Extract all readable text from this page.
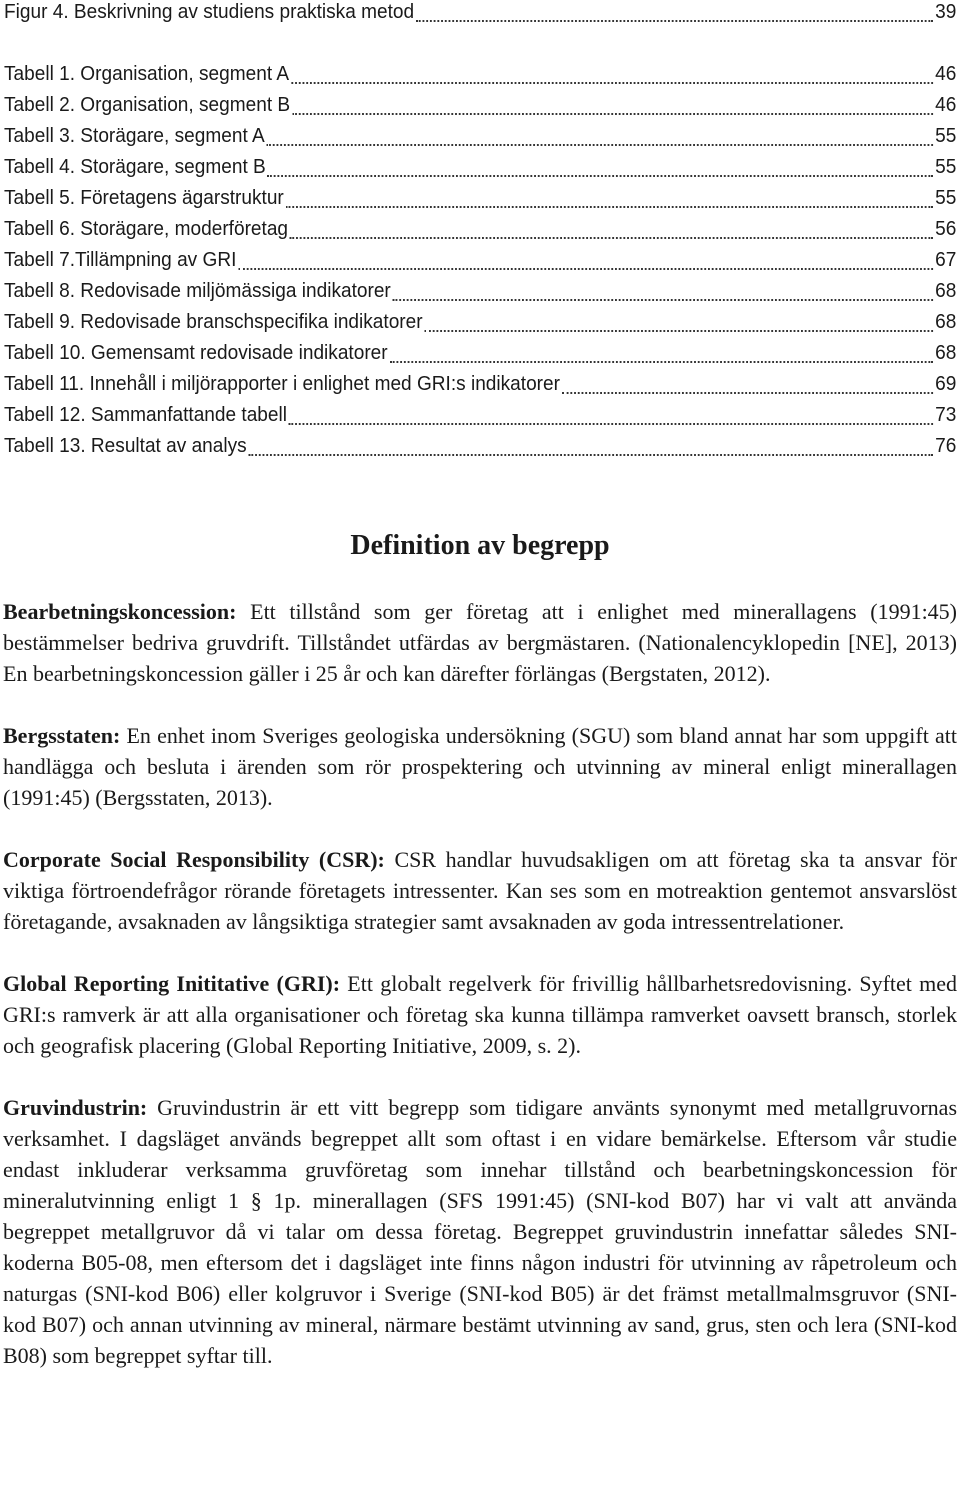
Figur 4. Beskrivning av studiens praktiska metod	39
Tabell 1. Organisation, segment A	46
Tabell 2. Organisation, segment B	46
Tabell 3. Storägare, segment A	55
Tabell 4. Storägare, segment B	55
Tabell 5. Företagens ägarstruktur	55
Tabell 6. Storägare, moderföretag	56
Tabell 7.Tillämpning av GRI	67
Tabell 8. Redovisade miljömässiga indikatorer	68
Tabell 9. Redovisade branschspecifika indikatorer	68
Tabell 10. Gemensamt redovisade indikatorer	68
Tabell 11. Innehåll i miljörapporter i enlighet med GRI:s indikatorer	69
Tabell 12. Sammanfattande tabell	73
Tabell 13. Resultat av analys	76
Definition av begrepp

Bearbetningskoncession: Ett tillstånd som ger företag att i enlighet med minerallagens (1991:45) bestämmelser bedriva gruvdrift. Tillståndet utfärdas av bergmästaren. (Nationalencyklopedin [NE], 2013) En bearbetningskoncession gäller i 25 år och kan därefter förlängas (Bergstaten, 2012).

Bergsstaten: En enhet inom Sveriges geologiska undersökning (SGU) som bland annat har som uppgift att handlägga och besluta i ärenden som rör prospektering och utvinning av mineral enligt minerallagen (1991:45) (Bergsstaten, 2013).

Corporate Social Responsibility (CSR): CSR handlar huvudsakligen om att företag ska ta ansvar för viktiga förtroendefrågor rörande företagets intressenter. Kan ses som en motreaktion gentemot ansvarslöst företagande, avsaknaden av långsiktiga strategier samt avsaknaden av goda intressentrelationer.

Global Reporting Inititative (GRI): Ett globalt regelverk för frivillig hållbarhetsredovisning. Syftet med GRI:s ramverk är att alla organisationer och företag ska kunna tillämpa ramverket oavsett bransch, storlek och geografisk placering (Global Reporting Initiative, 2009, s. 2).

Gruvindustrin: Gruvindustrin är ett vitt begrepp som tidigare använts synonymt med metallgruvornas verksamhet. I dagsläget används begreppet allt som oftast i en vidare bemärkelse. Eftersom vår studie endast inkluderar verksamma gruvföretag som innehar tillstånd och bearbetningskoncession för mineralutvinning enligt 1 § 1p. minerallagen (SFS 1991:45) (SNI-kod B07) har vi valt att använda begreppet metallgruvor då vi talar om dessa företag. Begreppet gruvindustrin innefattar således SNI-koderna B05-08, men eftersom det i dagsläget inte finns någon industri för utvinning av råpetroleum och naturgas (SNI-kod B06) eller kolgruvor i Sverige (SNI-kod B05) är det främst metallmalmsgruvor (SNI-kod B07) och annan utvinning av mineral, närmare bestämt utvinning av sand, grus, sten och lera (SNI-kod B08) som begreppet syftar till.
